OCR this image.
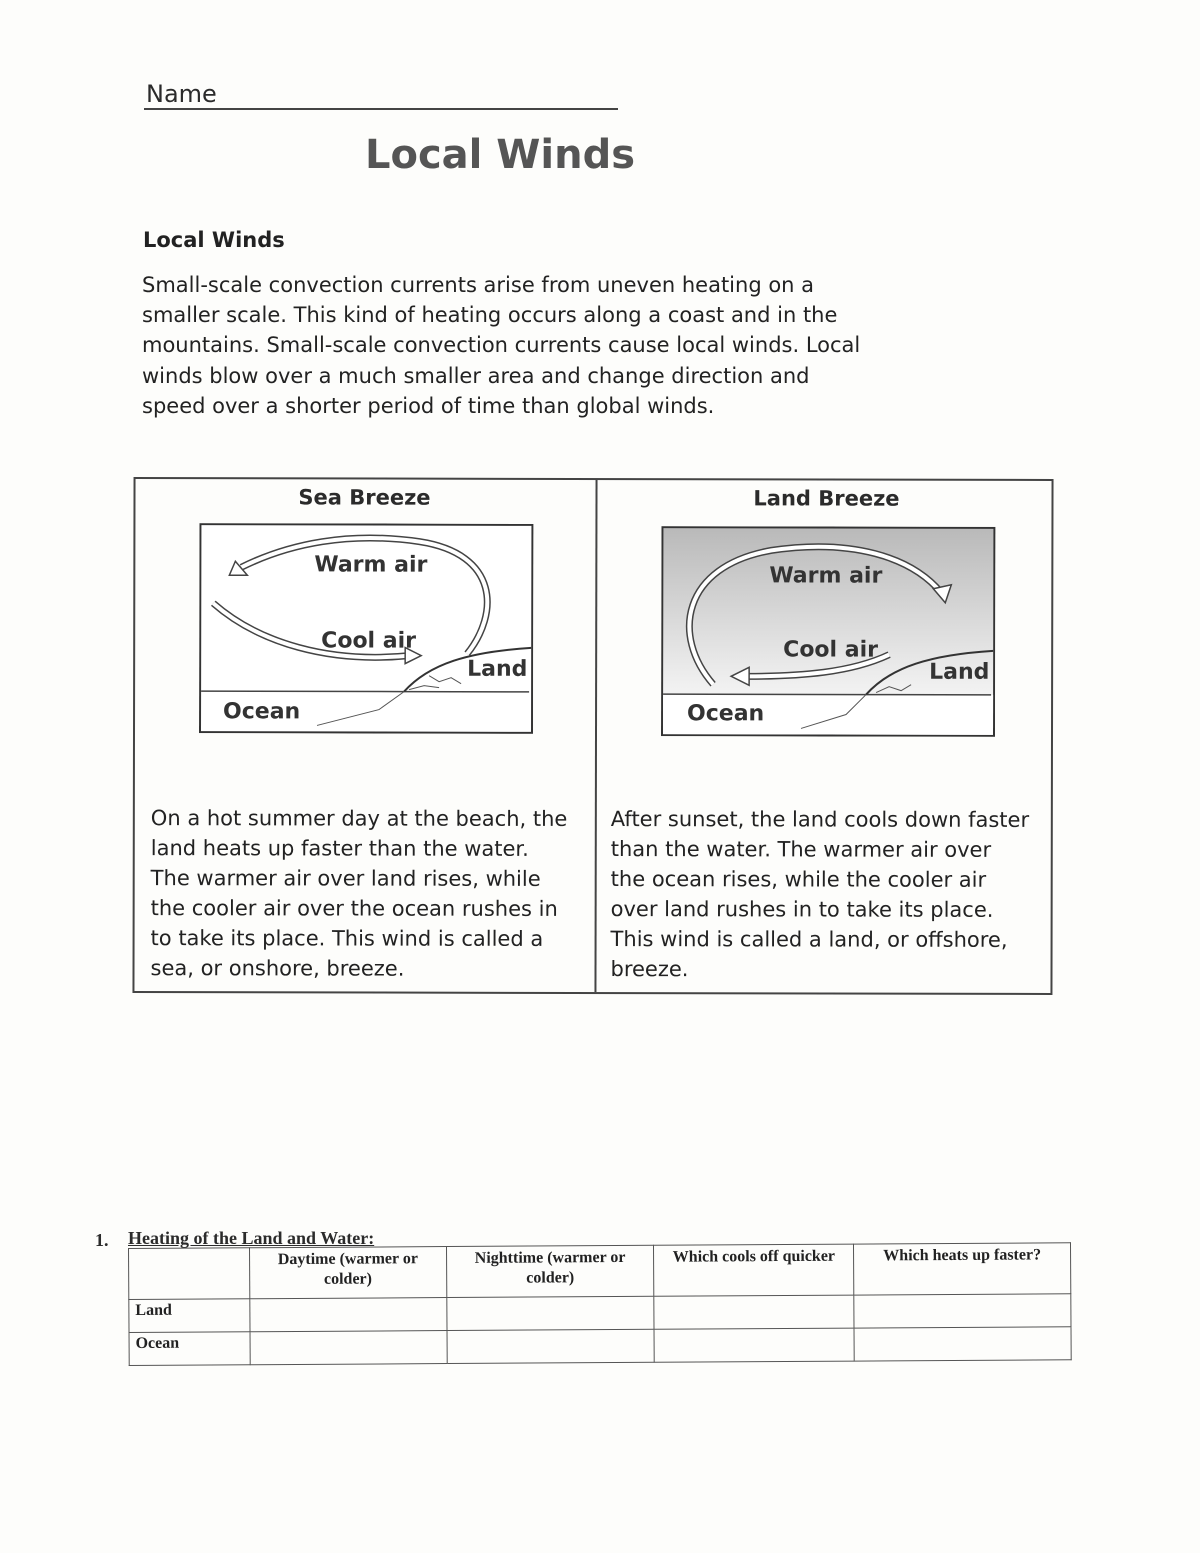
Name
Local Winds
Local Winds
Small-scale convection currents arise from uneven heating on a smaller scale. This kind of heating occurs along a coast and in the mountains. Small-scale convection currents cause local winds. Local winds blow over a much smaller area and change direction and speed over a shorter period of time than global winds.
Sea Breeze
Warm air
Cool air
Land
Ocean
On a hot summer day at the beach, the land heats up faster than the water. The warmer air over land rises, while the cooler air over the ocean rushes in to take its place. This wind is called a sea, or onshore, breeze.
Land Breeze
Warm air
Cool air
Land
Ocean
After sunset, the land cools down faster than the water. The warmer air over the ocean rises, while the cooler air over land rushes in to take its place. This wind is called a land, or offshore, breeze.
1. Heating of the Land and Water:
	Daytime (warmer or colder)	Nighttime (warmer or colder)	Which cools off quicker	Which heats up faster?
Land				
Ocean				
